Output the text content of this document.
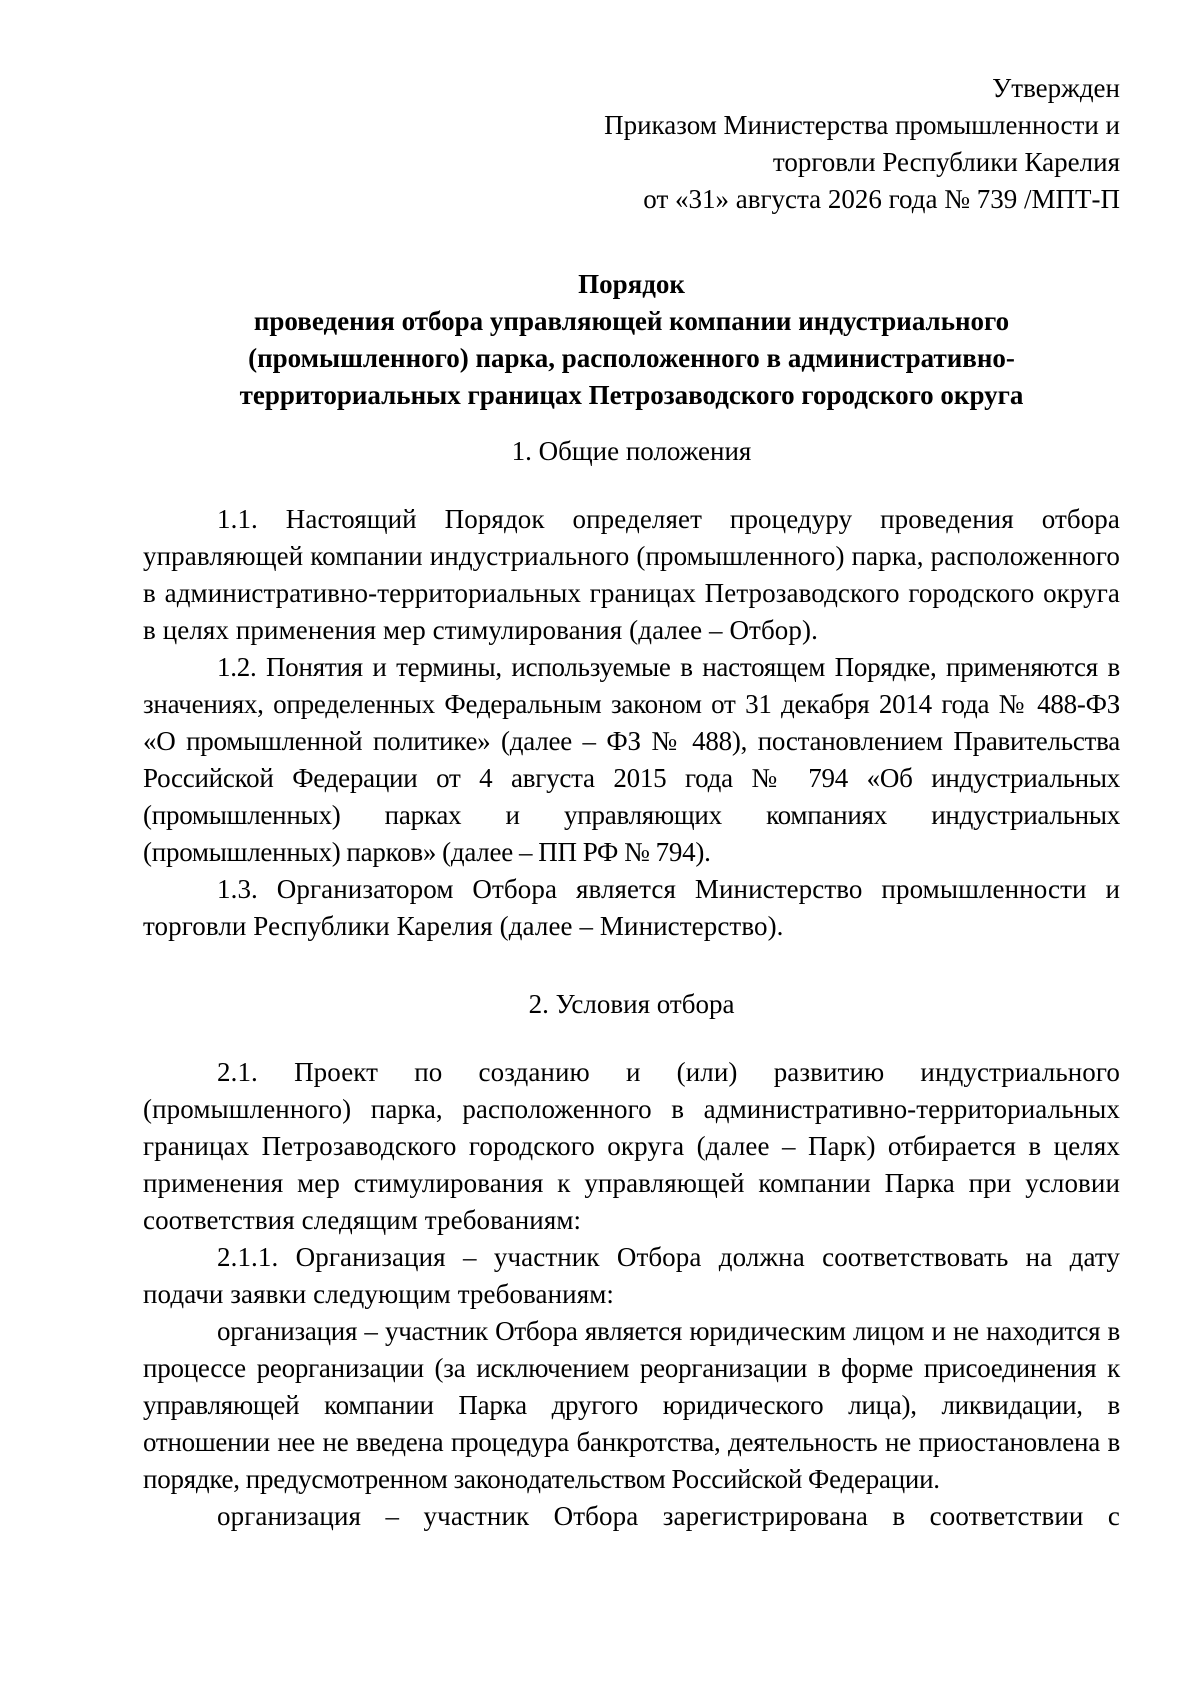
Утвержден
Приказом Министерства промышленности и
торговли Республики Карелия
от «31» августа 2026 года № 739 /МПТ-П
Порядок
проведения отбора управляющей компании индустриального
(промышленного) парка, расположенного в административно-
территориальных границах Петрозаводского городского округа
1. Общие положения

1.1. Настоящий Порядок определяет процедуру проведения отбора управляющей компании индустриального (промышленного) парка, расположенного в административно-территориальных границах Петрозаводского городского округа в целях применения мер стимулирования (далее – Отбор).

1.2. Понятия и термины, используемые в настоящем Порядке, применяются в значениях, определенных Федеральным законом от 31 декабря 2014 года № 488-ФЗ «О промышленной политике» (далее – ФЗ № 488), постановлением Правительства Российской Федерации от 4 августа 2015 года № 794 «Об индустриальных (промышленных) парках и управляющих компаниях индустриальных (промышленных) парков» (далее – ПП РФ № 794).

1.3. Организатором Отбора является Министерство промышленности и торговли Республики Карелия (далее – Министерство).

2. Условия отбора

2.1. Проект по созданию и (или) развитию индустриального (промышленного) парка, расположенного в административно-территориальных границах Петрозаводского городского округа (далее – Парк) отбирается в целях применения мер стимулирования к управляющей компании Парка при условии соответствия следящим требованиям:

2.1.1. Организация – участник Отбора должна соответствовать на дату подачи заявки следующим требованиям:

организация – участник Отбора является юридическим лицом и не находится в процессе реорганизации (за исключением реорганизации в форме присоединения к управляющей компании Парка другого юридического лица), ликвидации, в отношении нее не введена процедура банкротства, деятельность не приостановлена в порядке, предусмотренном законодательством Российской Федерации.

организация – участник Отбора зарегистрирована в соответствии с
